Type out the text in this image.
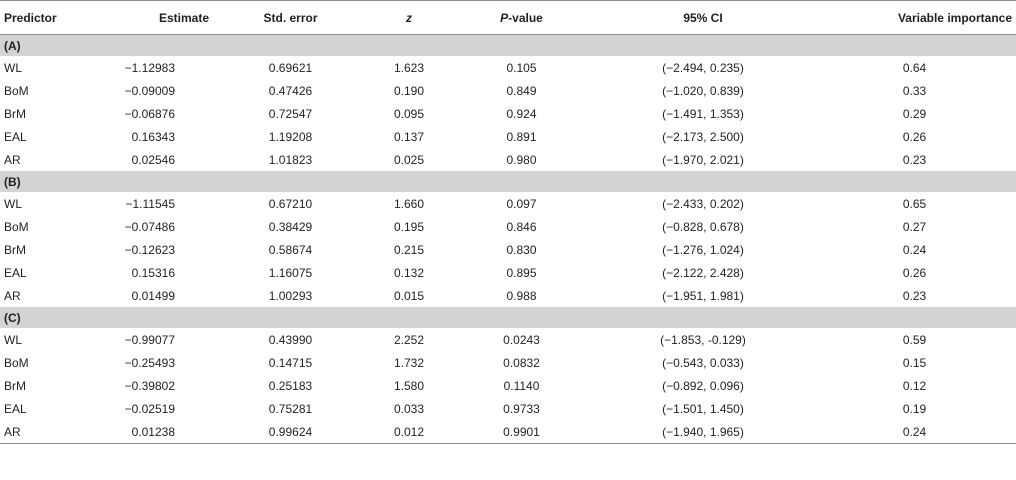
Predictor	Estimate	Std. error	z	P-value	95% CI	Variable importance
(A)						
WL	−1.12983	0.69621	1.623	0.105	(−2.494, 0.235)	0.64
BoM	−0.09009	0.47426	0.190	0.849	(−1.020, 0.839)	0.33
BrM	−0.06876	0.72547	0.095	0.924	(−1.491, 1.353)	0.29
EAL	0.16343	1.19208	0.137	0.891	(−2.173, 2.500)	0.26
AR	0.02546	1.01823	0.025	0.980	(−1.970, 2.021)	0.23
(B)						
WL	−1.11545	0.67210	1.660	0.097	(−2.433, 0.202)	0.65
BoM	−0.07486	0.38429	0.195	0.846	(−0.828, 0.678)	0.27
BrM	−0.12623	0.58674	0.215	0.830	(−1.276, 1.024)	0.24
EAL	0.15316	1.16075	0.132	0.895	(−2.122, 2.428)	0.26
AR	0.01499	1.00293	0.015	0.988	(−1.951, 1.981)	0.23
(C)						
WL	−0.99077	0.43990	2.252	0.0243	(−1.853, -0.129)	0.59
BoM	−0.25493	0.14715	1.732	0.0832	(−0.543, 0.033)	0.15
BrM	−0.39802	0.25183	1.580	0.1140	(−0.892, 0.096)	0.12
EAL	−0.02519	0.75281	0.033	0.9733	(−1.501, 1.450)	0.19
AR	0.01238	0.99624	0.012	0.9901	(−1.940, 1.965)	0.24
